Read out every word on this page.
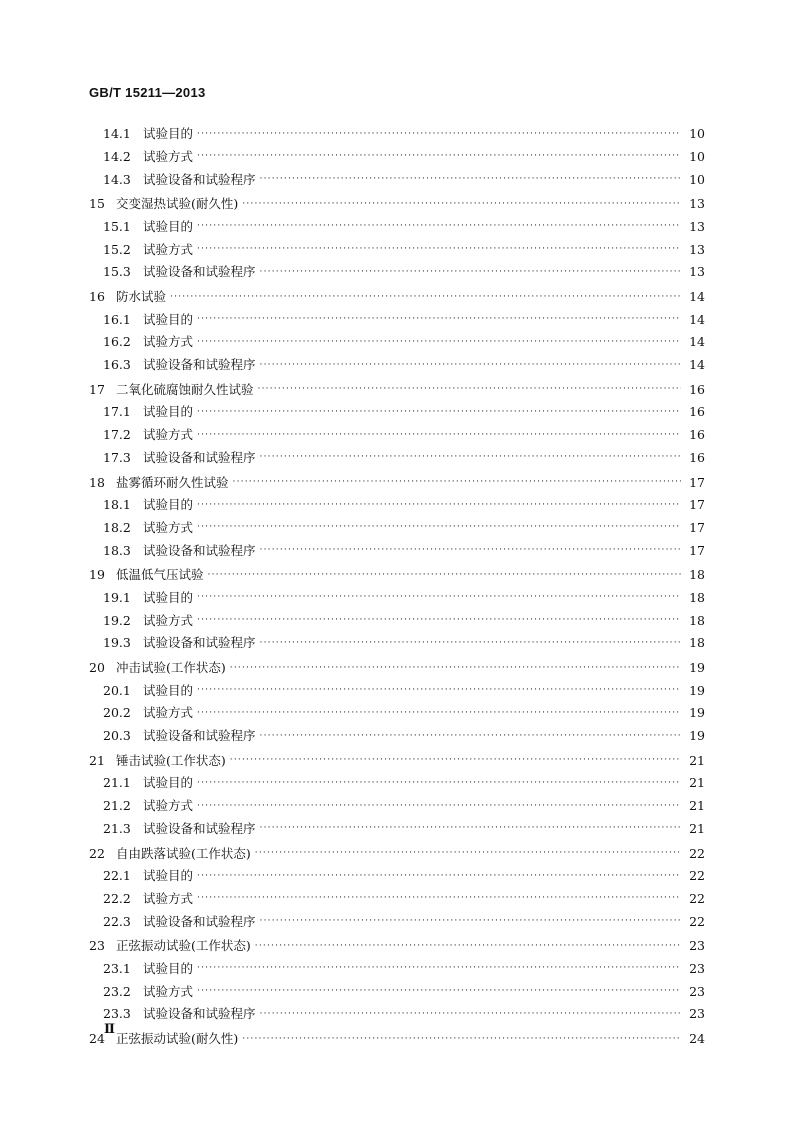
GB/T 15211—2013
14.1 试验目的 ·····	10
14.2 试验方式 ·····	10
14.3 试验设备和试验程序 ·····	10
15 交变湿热试验(耐久性) ·····	13
15.1 试验目的 ·····	13
15.2 试验方式 ·····	13
15.3 试验设备和试验程序 ·····	13
16 防水试验 ·····	14
16.1 试验目的 ·····	14
16.2 试验方式 ·····	14
16.3 试验设备和试验程序 ·····	14
17 二氧化硫腐蚀耐久性试验 ·····	16
17.1 试验目的 ·····	16
17.2 试验方式 ·····	16
17.3 试验设备和试验程序 ·····	16
18 盐雾循环耐久性试验 ·····	17
18.1 试验目的 ·····	17
18.2 试验方式 ·····	17
18.3 试验设备和试验程序 ·····	17
19 低温低气压试验 ·····	18
19.1 试验目的 ·····	18
19.2 试验方式 ·····	18
19.3 试验设备和试验程序 ·····	18
20 冲击试验(工作状态) ·····	19
20.1 试验目的 ·····	19
20.2 试验方式 ·····	19
20.3 试验设备和试验程序 ·····	19
21 锤击试验(工作状态) ·····	21
21.1 试验目的 ·····	21
21.2 试验方式 ·····	21
21.3 试验设备和试验程序 ·····	21
22 自由跌落试验(工作状态) ·····	22
22.1 试验目的 ·····	22
22.2 试验方式 ·····	22
22.3 试验设备和试验程序 ·····	22
23 正弦振动试验(工作状态) ·····	23
23.1 试验目的 ·····	23
23.2 试验方式 ·····	23
23.3 试验设备和试验程序 ·····	23
24 正弦振动试验(耐久性) ·····	24
Ⅱ
